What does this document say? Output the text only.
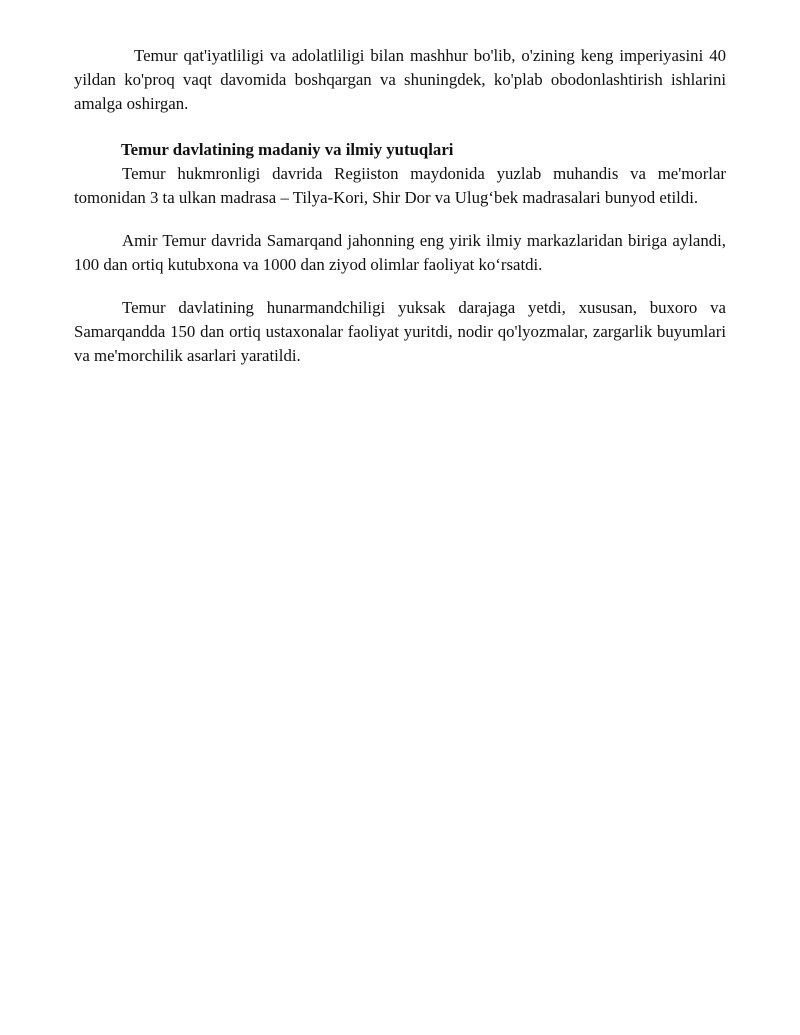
Temur qat'iyatliligi va adolatliligi bilan mashhur bo'lib, o'zining keng imperiyasini 40 yildan ko'proq vaqt davomida boshqargan va shuningdek, ko'plab obodonlashtirish ishlarini amalga oshirgan.

Temur davlatining madaniy va ilmiy yutuqlari

Temur hukmronligi davrida Regiiston maydonida yuzlab muhandis va me'morlar tomonidan 3 ta ulkan madrasa – Tilya-Kori, Shir Dor va Ulug‘bek madrasalari bunyod etildi.

Amir Temur davrida Samarqand jahonning eng yirik ilmiy markazlaridan biriga aylandi, 100 dan ortiq kutubxona va 1000 dan ziyod olimlar faoliyat ko‘rsatdi.

Temur davlatining hunarmandchiligi yuksak darajaga yetdi, xususan, buxoro va Samarqandda 150 dan ortiq ustaxonalar faoliyat yuritdi, nodir qo'lyozmalar, zargarlik buyumlari va me'morchilik asarlari yaratildi.
